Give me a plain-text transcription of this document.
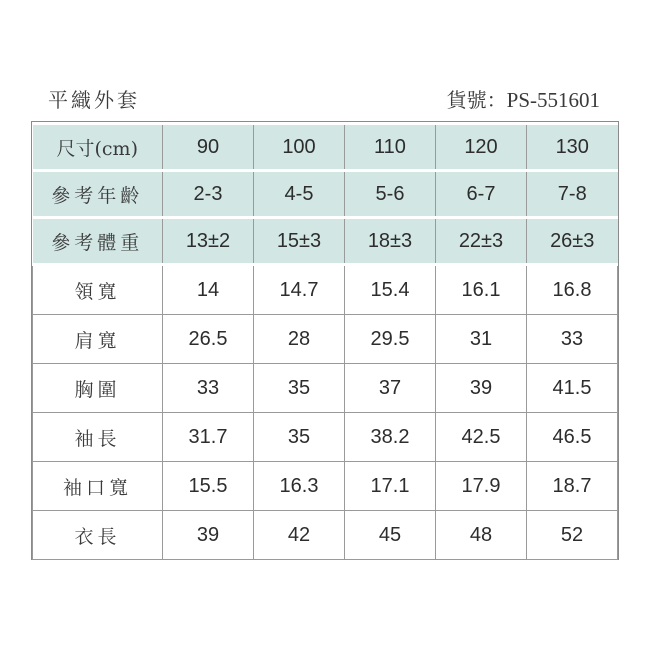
平織外套	貨號：PS-551601
尺寸(cm)	90	100	110	120	130
參考年齡	2-3	4-5	5-6	6-7	7-8
參考體重	13±2	15±3	18±3	22±3	26±3
領寬	14	14.7	15.4	16.1	16.8
肩寬	26.5	28	29.5	31	33
胸圍	33	35	37	39	41.5
袖長	31.7	35	38.2	42.5	46.5
袖口寬	15.5	16.3	17.1	17.9	18.7
衣長	39	42	45	48	52
